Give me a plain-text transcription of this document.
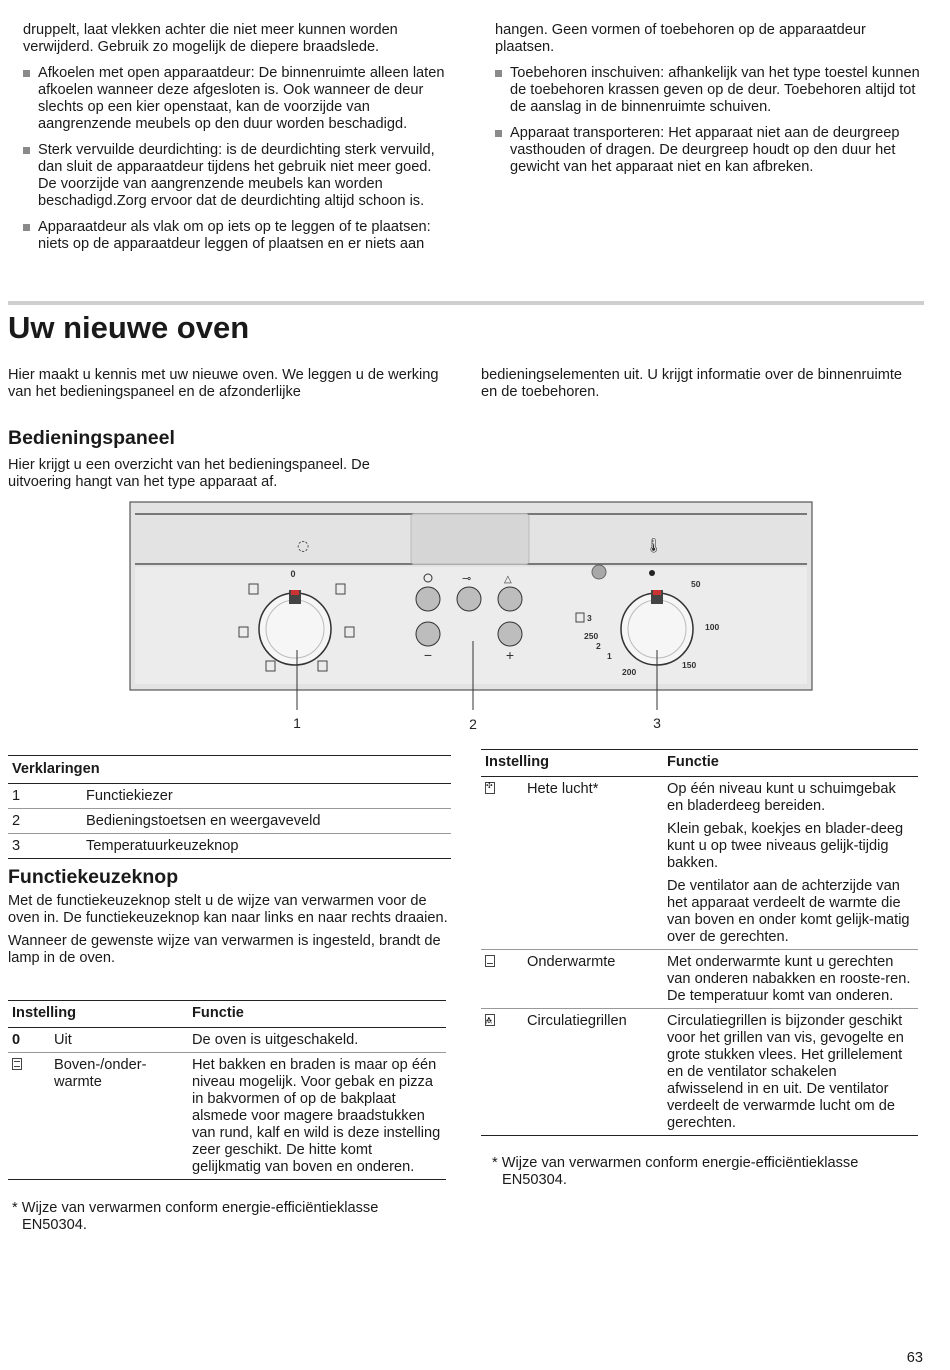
druppelt, laat vlekken achter die niet meer kunnen worden verwijderd. Gebruik zo mogelijk de diepere braadslede.

Afkoelen met open apparaatdeur: De binnenruimte alleen laten afkoelen wanneer deze afgesloten is. Ook wanneer de deur slechts op een kier openstaat, kan de voorzijde van aangrenzende meubels op den duur worden beschadigd.

Sterk vervuilde deurdichting: is de deurdichting sterk vervuild, dan sluit de apparaatdeur tijdens het gebruik niet meer goed. De voorzijde van aangrenzende meubels kan worden beschadigd.Zorg ervoor dat de deurdichting altijd schoon is.

Apparaatdeur als vlak om op iets op te leggen of te plaatsen: niets op de apparaatdeur leggen of plaatsen en er niets aan

hangen. Geen vormen of toebehoren op de apparaatdeur plaatsen.

Toebehoren inschuiven: afhankelijk van het type toestel kunnen de toebehoren krassen geven op de deur. Toebehoren altijd tot de aanslag in de binnenruimte schuiven.

Apparaat transporteren: Het apparaat niet aan de deurgreep vasthouden of dragen. De deurgreep houdt op den duur het gewicht van het apparaat niet en kan afbreken.

Uw nieuwe oven

Hier maakt u kennis met uw nieuwe oven. We leggen u de werking van het bedieningspaneel en de afzonderlijke

bedieningselementen uit. U krijgt informatie over de binnenruimte en de toebehoren.

Bedieningspaneel

Hier krijgt u een overzicht van het bedieningspaneel. De uitvoering hangt van het type apparaat af.

◌	🌡
0	⊸	△
−	+
50
100
150
200
1
2
250
3
1	2	3
Verklaringen	
1	Functiekiezer
2	Bedieningstoetsen en weergaveveld
3	Temperatuurkeuzeknop
Functiekeuzeknop

Met de functiekeuzeknop stelt u de wijze van verwarmen voor de oven in. De functiekeuzeknop kan naar links en naar rechts draaien.

Wanneer de gewenste wijze van verwarmen is ingesteld, brandt de lamp in de oven.

Instelling		Functie
0	Uit	De oven is uitgeschakeld.
	Boven-/onder-warmte	Het bakken en braden is maar op één niveau mogelijk. Voor gebak en pizza in bakvormen of op de bakplaat alsmede voor magere braadstukken van rund, kalf en wild is deze instelling zeer geschikt. De hitte komt gelijkmatig van boven en onderen.

* Wijze van verwarmen conform energie-efficiëntieklasse EN50304.

Instelling		Functie
✣	Hete lucht*	Op één niveau kunt u schuimgebak en bladerdeeg bereiden.

Klein gebak, koekjes en blader-deeg kunt u op twee niveaus gelijk-tijdig bakken.

De ventilator aan de achterzijde van het apparaat verdeelt de warmte die van boven en onder komt gelijk-matig over de gerechten.

	Onderwarmte	Met onderwarmte kunt u gerechten van onderen nabakken en rooste-ren. De temperatuur komt van onderen.
⋀ ✣	Circulatiegrillen	Circulatiegrillen is bijzonder geschikt voor het grillen van vis, gevogelte en grote stukken vlees. Het grillelement en de ventilator schakelen afwisselend in en uit. De ventilator verdeelt de verwarmde lucht om de gerechten.

* Wijze van verwarmen conform energie-efficiëntieklasse EN50304.

63
